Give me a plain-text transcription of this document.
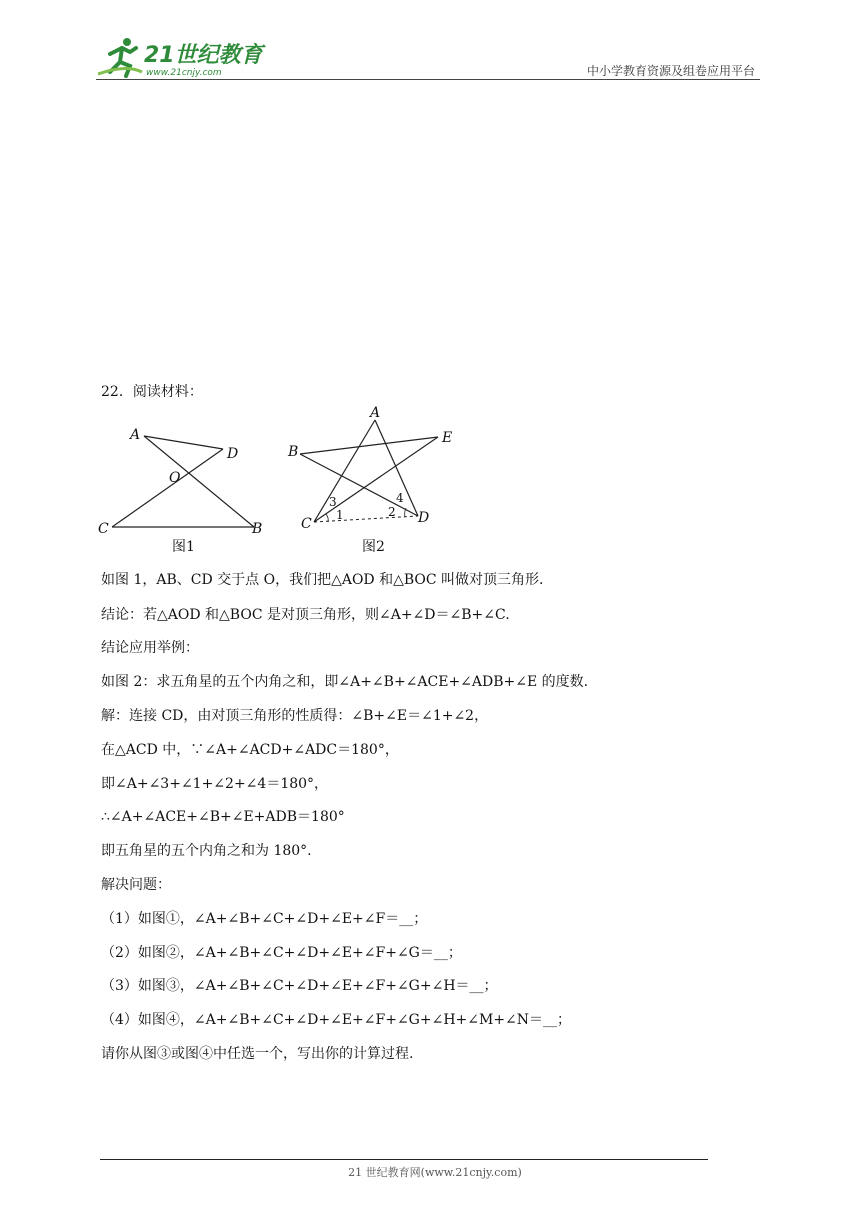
21世纪教育
www.21cnjy.com	中小学教育资源及组卷应用平台
22．阅读材料：
A
D
O
C	B
图1
A
B
E
C	D
3
1	2
4
图2
如图 1，AB、CD 交于点 O，我们把△AOD 和△BOC 叫做对顶三角形.
结论：若△AOD 和△BOC 是对顶三角形，则∠A+∠D＝∠B+∠C.
结论应用举例：
如图 2：求五角星的五个内角之和，即∠A+∠B+∠ACE+∠ADB+∠E 的度数.
解：连接 CD，由对顶三角形的性质得：∠B+∠E＝∠1+∠2，
在△ACD 中，∵∠A+∠ACD+∠ADC＝180°，
即∠A+∠3+∠1+∠2+∠4＝180°，
∴∠A+∠ACE+∠B+∠E+ADB＝180°
即五角星的五个内角之和为 180°.
解决问题：
（1）如图①，∠A+∠B+∠C+∠D+∠E+∠F＝__；
（2）如图②，∠A+∠B+∠C+∠D+∠E+∠F+∠G＝__；
（3）如图③，∠A+∠B+∠C+∠D+∠E+∠F+∠G+∠H＝__；
（4）如图④，∠A+∠B+∠C+∠D+∠E+∠F+∠G+∠H+∠M+∠N＝__；
请你从图③或图④中任选一个，写出你的计算过程.
21 世纪教育网(www.21cnjy.com)
